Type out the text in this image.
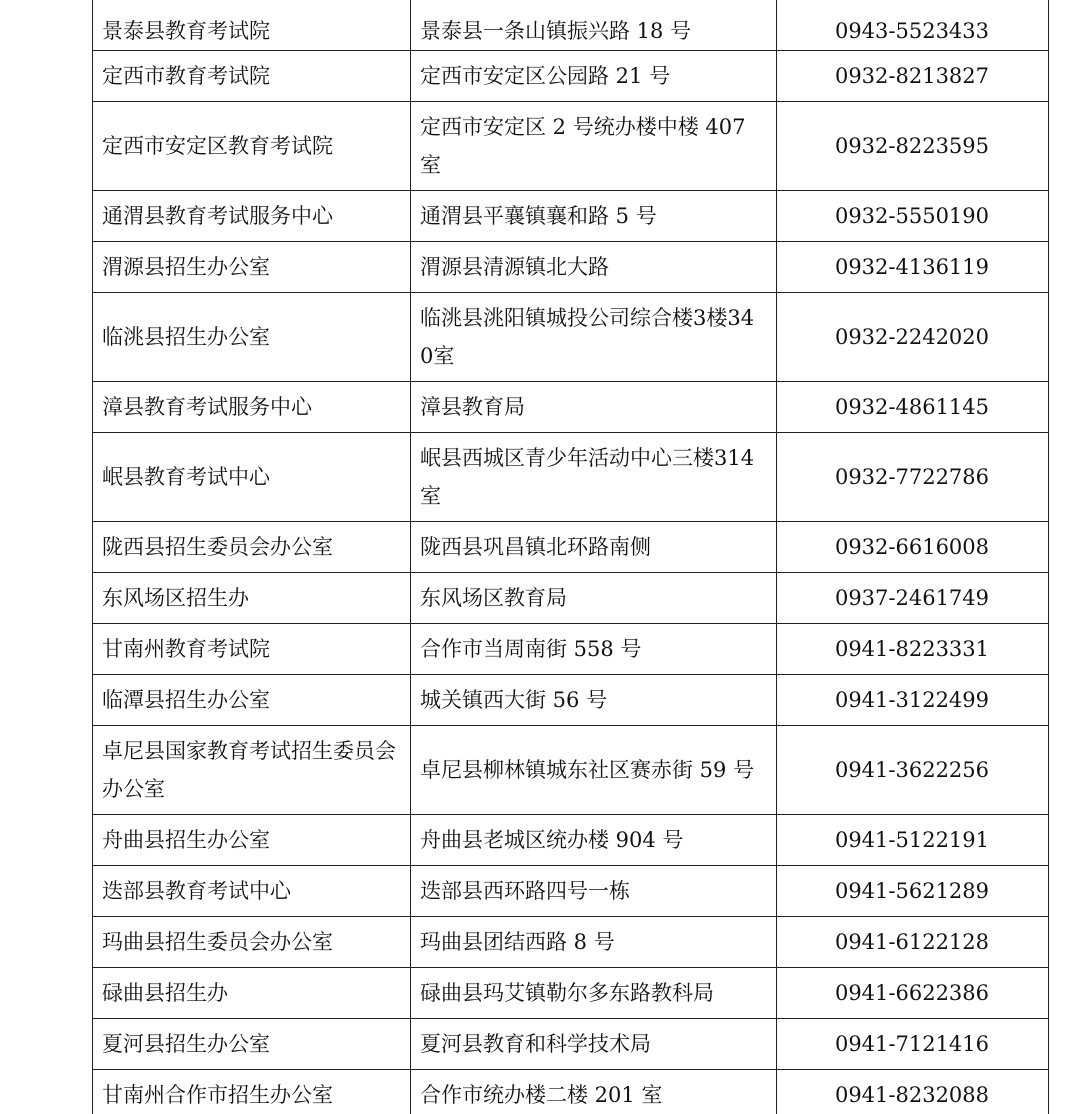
景泰县教育考试院	景泰县一条山镇振兴路 18 号	0943-5523433
定西市教育考试院	定西市安定区公园路 21 号	0932-8213827
定西市安定区教育考试院	定西市安定区 2 号统办楼中楼 407 室	0932-8223595
通渭县教育考试服务中心	通渭县平襄镇襄和路 5 号	0932-5550190
渭源县招生办公室	渭源县清源镇北大路	0932-4136119
临洮县招生办公室	临洮县洮阳镇城投公司综合楼3楼340室	0932-2242020
漳县教育考试服务中心	漳县教育局	0932-4861145
岷县教育考试中心	岷县西城区青少年活动中心三楼314室	0932-7722786
陇西县招生委员会办公室	陇西县巩昌镇北环路南侧	0932-6616008
东风场区招生办	东风场区教育局	0937-2461749
甘南州教育考试院	合作市当周南街 558 号	0941-8223331
临潭县招生办公室	城关镇西大街 56 号	0941-3122499
卓尼县国家教育考试招生委员会办公室	卓尼县柳林镇城东社区赛赤街 59 号	0941-3622256
舟曲县招生办公室	舟曲县老城区统办楼 904 号	0941-5122191
迭部县教育考试中心	迭部县西环路四号一栋	0941-5621289
玛曲县招生委员会办公室	玛曲县团结西路 8 号	0941-6122128
碌曲县招生办	碌曲县玛艾镇勒尔多东路教科局	0941-6622386
夏河县招生办公室	夏河县教育和科学技术局	0941-7121416
甘南州合作市招生办公室	合作市统办楼二楼 201 室	0941-8232088
